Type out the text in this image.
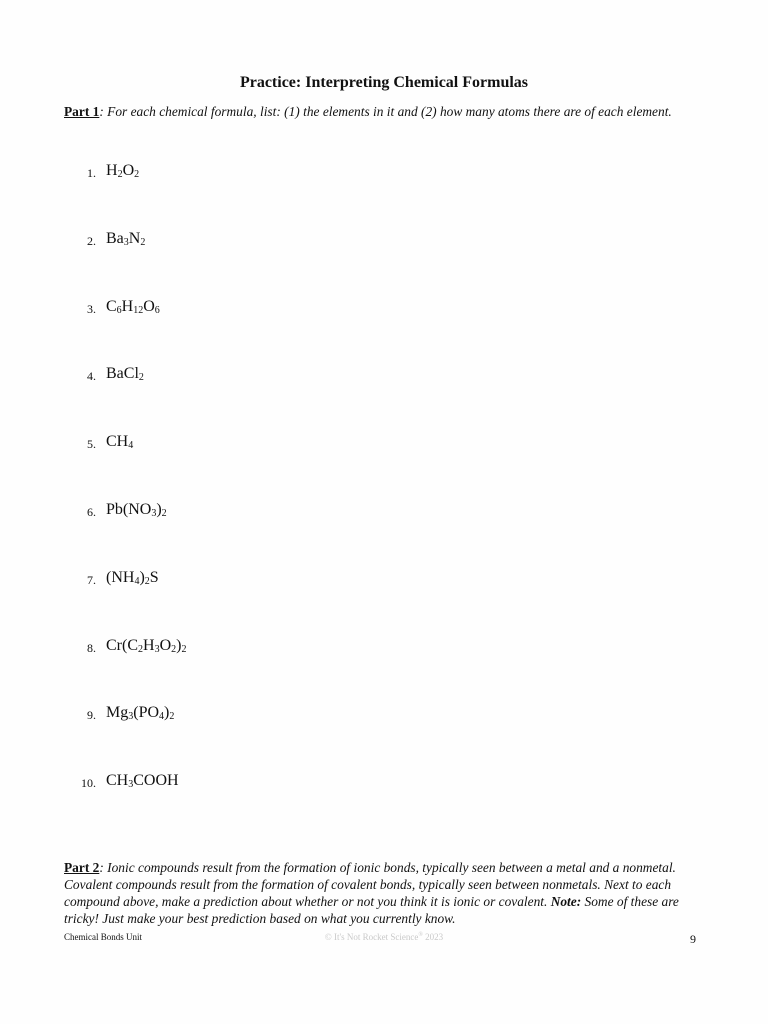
Practice: Interpreting Chemical Formulas
Part 1: For each chemical formula, list: (1) the elements in it and (2) how many atoms there are of each element.
1. $H_2O_2$
2. $Ba_3N_2$
3. $C_6H_{12}O_6$
4. BaCl$_2$
5. $CH_4$
6. $Pb(NO_3)_2$
7. $(NH_4)_2S$
8. $Cr(C_2H_3O_2)_2$
9. $Mg_3(PO_4)_2$
10. $CH_3COOH$
Part 2: Ionic compounds result from the formation of ionic bonds, typically seen between a metal and a nonmetal. Covalent compounds result from the formation of covalent bonds, typically seen between nonmetals. Next to each compound above, make a prediction about whether or not you think it is ionic or covalent. Note: Some of these are tricky! Just make your best prediction based on what you currently know.
Chemical Bonds Unit	© It's Not Rocket Science® 2023	9
